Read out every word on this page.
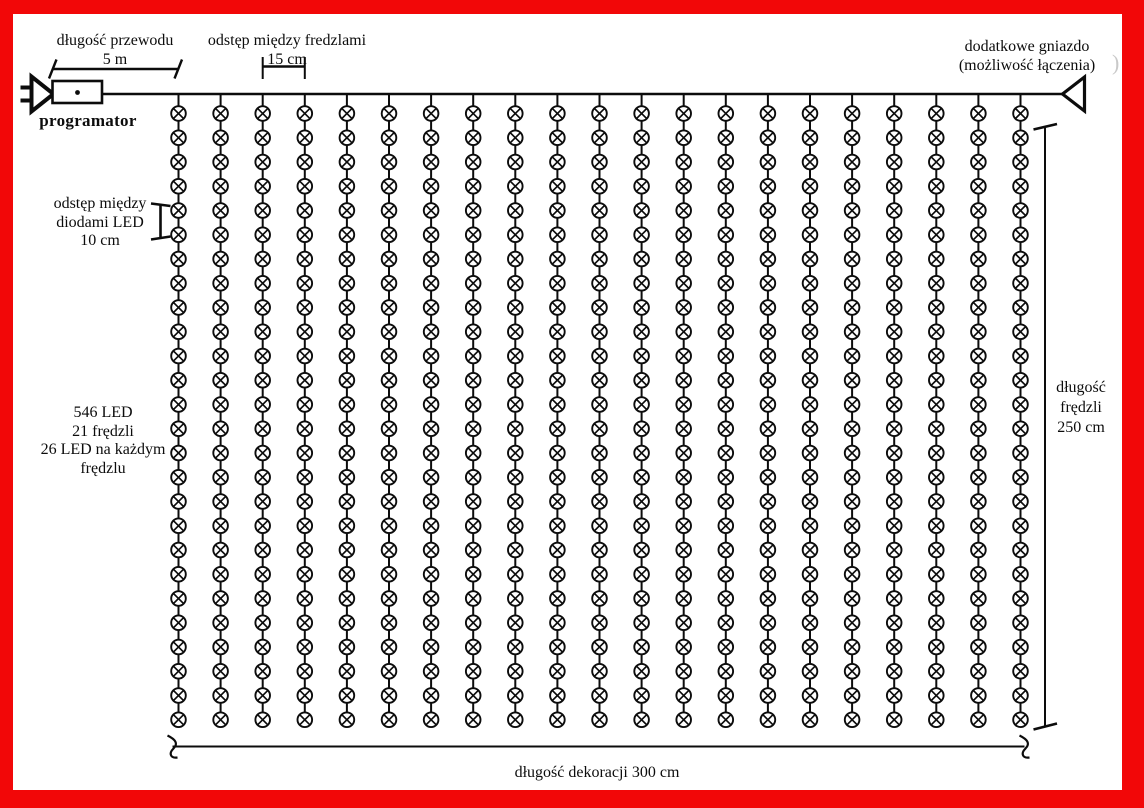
długość przewodu
5 m
odstęp między fredzlami
15 cm
programator
dodatkowe gniazdo
(możliwość łączenia)
odstęp między
diodami LED
10 cm
546 LED
21 frędzli
26 LED na każdym
frędzlu
długość
frędzli
250 cm
długość dekoracji 300 cm
)
